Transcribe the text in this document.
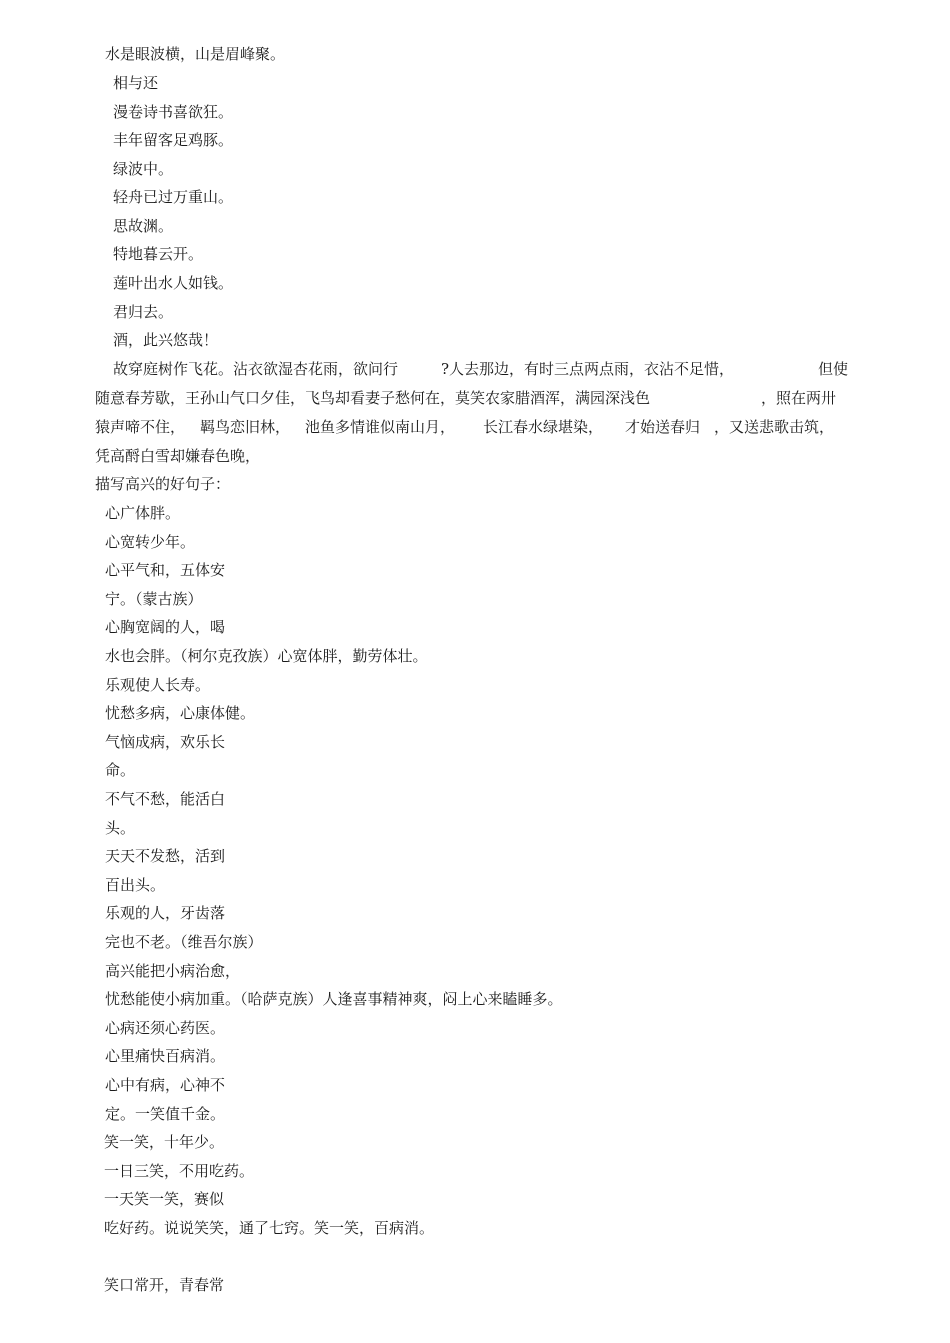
水是眼波横，山是眉峰聚。
相与还
漫卷诗书喜欲狂。
丰年留客足鸡豚。
绿波中。
轻舟已过万重山。
思故渊。
特地暮云开。
莲叶出水人如钱。
君归去。
酒，此兴悠哉！
故穿庭树作飞花。沾衣欲湿杏花雨，欲问行	?人去那边，有时三点两点雨，衣沾不足惜，	但使
随意春芳歇，王孙山气口夕佳，飞鸟却看妻子愁何在，莫笑农家腊酒浑，满园深浅色	，照在两卅
猿声啼不住， 羁鸟恋旧林， 池鱼多情谁似南山月， 长江春水绿堪染， 才始送春归 ，又送悲歌击筑，
凭高酹白雪却嫌春色晚，
描写高兴的好句子：
心广体胖。
心宽转少年。
心平气和，五体安
宁。（蒙古族）
心胸宽阔的人，喝
水也会胖。（柯尔克孜族）心宽体胖，勤劳体壮。
乐观使人长寿。
忧愁多病，心康体健。
气恼成病，欢乐长
命。
不气不愁，能活白
头。
天天不发愁，活到
百出头。
乐观的人，牙齿落
完也不老。（维吾尔族）
高兴能把小病治愈，
忧愁能使小病加重。（哈萨克族）人逢喜事精神爽，闷上心来瞌睡多。
心病还须心药医。
心里痛快百病消。
心中有病，心神不
定。一笑值千金。
笑一笑，十年少。
一日三笑，不用吃药。
一天笑一笑，赛似
吃好药。说说笑笑，通了七窍。笑一笑，百病消。
笑口常开，青春常
